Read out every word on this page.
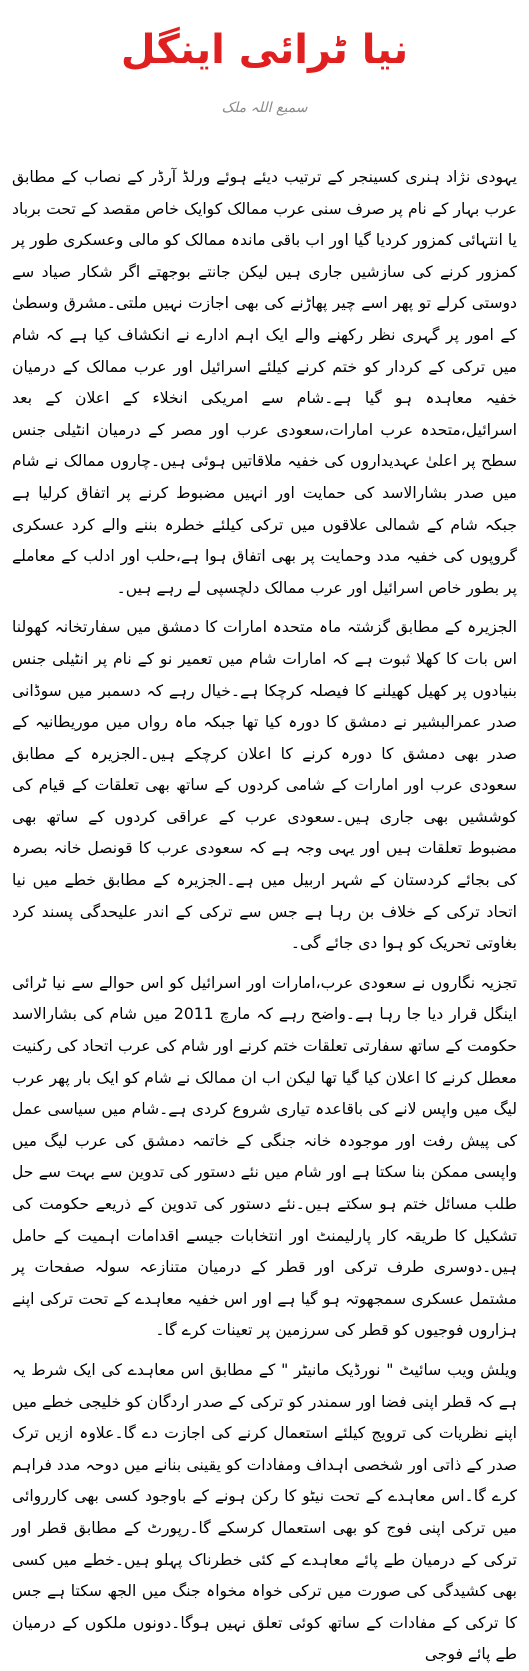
نیا ٹرائی اینگل
سمیع اللہ ملک

یہودی نژاد ہنری کسینجر کے ترتیب دیئے ہوئے ورلڈ آرڈر کے نصاب کے مطابق عرب بہار کے نام پر صرف سنی عرب ممالک کوایک خاص مقصد کے تحت برباد یا انتہائی کمزور کردیا گیا اور اب باقی ماندہ ممالک کو مالی وعسکری طور پر کمزور کرنے کی سازشیں جاری ہیں لیکن جانتے بوجھتے اگر شکار صیاد سے دوستی کرلے تو پھر اسے چیر پھاڑنے کی بھی اجازت نہیں ملتی۔مشرق وسطیٰ کے امور پر گہری نظر رکھنے والے ایک اہم ادارے نے انکشاف کیا ہے کہ شام میں ترکی کے کردار کو ختم کرنے کیلئے اسرائیل اور عرب ممالک کے درمیان خفیہ معاہدہ ہو گیا ہے۔شام سے امریکی انخلاء کے اعلان کے بعد اسرائیل،متحدہ عرب امارات،سعودی عرب اور مصر کے درمیان انٹیلی جنس سطح پر اعلیٰ عہدیداروں کی خفیہ ملاقاتیں ہوئی ہیں۔چاروں ممالک نے شام میں صدر بشارالاسد کی حمایت اور انہیں مضبوط کرنے پر اتفاق کرلیا ہے جبکہ شام کے شمالی علاقوں میں ترکی کیلئے خطرہ بننے والے کرد عسکری گروپوں کی خفیہ مدد وحمایت پر بھی اتفاق ہوا ہے،حلب اور ادلب کے معاملے پر بطور خاص اسرائیل اور عرب ممالک دلچسپی لے رہے ہیں۔

الجزیرہ کے مطابق گزشتہ ماہ متحدہ امارات کا دمشق میں سفارتخانہ کھولنا اس بات کا کھلا ثبوت ہے کہ امارات شام میں تعمیر نو کے نام پر انٹیلی جنس بنیادوں پر کھیل کھیلنے کا فیصلہ کرچکا ہے۔خیال رہے کہ دسمبر میں سوڈانی صدر عمرالبشیر نے دمشق کا دورہ کیا تھا جبکہ ماہ رواں میں موریطانیہ کے صدر بھی دمشق کا دورہ کرنے کا اعلان کرچکے ہیں۔الجزیرہ کے مطابق سعودی عرب اور امارات کے شامی کردوں کے ساتھ بھی تعلقات کے قیام کی کوششیں بھی جاری ہیں۔سعودی عرب کے عراقی کردوں کے ساتھ بھی مضبوط تعلقات ہیں اور یہی وجہ ہے کہ سعودی عرب کا قونصل خانہ بصرہ کی بجائے کردستان کے شہر اربیل میں ہے۔الجزیرہ کے مطابق خطے میں نیا اتحاد ترکی کے خلاف بن رہا ہے جس سے ترکی کے اندر علیحدگی پسند کرد بغاوتی تحریک کو ہوا دی جائے گی۔

تجزیہ نگاروں نے سعودی عرب،امارات اور اسرائیل کو اس حوالے سے نیا ٹرائی اینگل قرار دیا جا رہا ہے۔واضح رہے کہ مارچ 2011 میں شام کی بشارالاسد حکومت کے ساتھ سفارتی تعلقات ختم کرنے اور شام کی عرب اتحاد کی رکنیت معطل کرنے کا اعلان کیا گیا تھا لیکن اب ان ممالک نے شام کو ایک بار پھر عرب لیگ میں واپس لانے کی باقاعدہ تیاری شروع کردی ہے۔شام میں سیاسی عمل کی پیش رفت اور موجودہ خانہ جنگی کے خاتمہ دمشق کی عرب لیگ میں واپسی ممکن بنا سکتا ہے اور شام میں نئے دستور کی تدوین سے بہت سے حل طلب مسائل ختم ہو سکتے ہیں۔نئے دستور کی تدوین کے ذریعے حکومت کی تشکیل کا طریقہ کار پارلیمنٹ اور انتخابات جیسے اقدامات اہمیت کے حامل ہیں۔دوسری طرف ترکی اور قطر کے درمیان متنازعہ سولہ صفحات پر مشتمل عسکری سمجھوتہ ہو گیا ہے اور اس خفیہ معاہدے کے تحت ترکی اپنے ہزاروں فوجیوں کو قطر کی سرزمین پر تعینات کرے گا۔

ویلش ویب سائیٹ " نورڈیک مانیٹر " کے مطابق اس معاہدے کی ایک شرط یہ ہے کہ قطر اپنی فضا اور سمندر کو ترکی کے صدر اردگان کو خلیجی خطے میں اپنے نظریات کی ترویج کیلئے استعمال کرنے کی اجازت دے گا۔علاوہ ازیں ترک صدر کے ذاتی اور شخصی اہداف ومفادات کو یقینی بنانے میں دوحہ مدد فراہم کرے گا۔اس معاہدے کے تحت نیٹو کا رکن ہونے کے باوجود کسی بھی کارروائی میں ترکی اپنی فوج کو بھی استعمال کرسکے گا۔رپورٹ کے مطابق قطر اور ترکی کے درمیان طے پائے معاہدے کے کئی خطرناک پہلو ہیں۔خطے میں کسی بھی کشیدگی کی صورت میں ترکی خواہ مخواہ جنگ میں الجھ سکتا ہے جس کا ترکی کے مفادات کے ساتھ کوئی تعلق نہیں ہوگا۔دونوں ملکوں کے درمیان طے پائے فوجی
